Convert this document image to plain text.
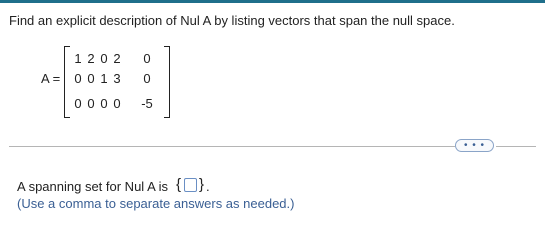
Find an explicit description of Nul A by listing vectors that span the null space.
A =
1 2 0 2 0
0 0 1 3 0
0 0 0 0	-5
• • •
A spanning set for Nul A is { } .
(Use a comma to separate answers as needed.)
